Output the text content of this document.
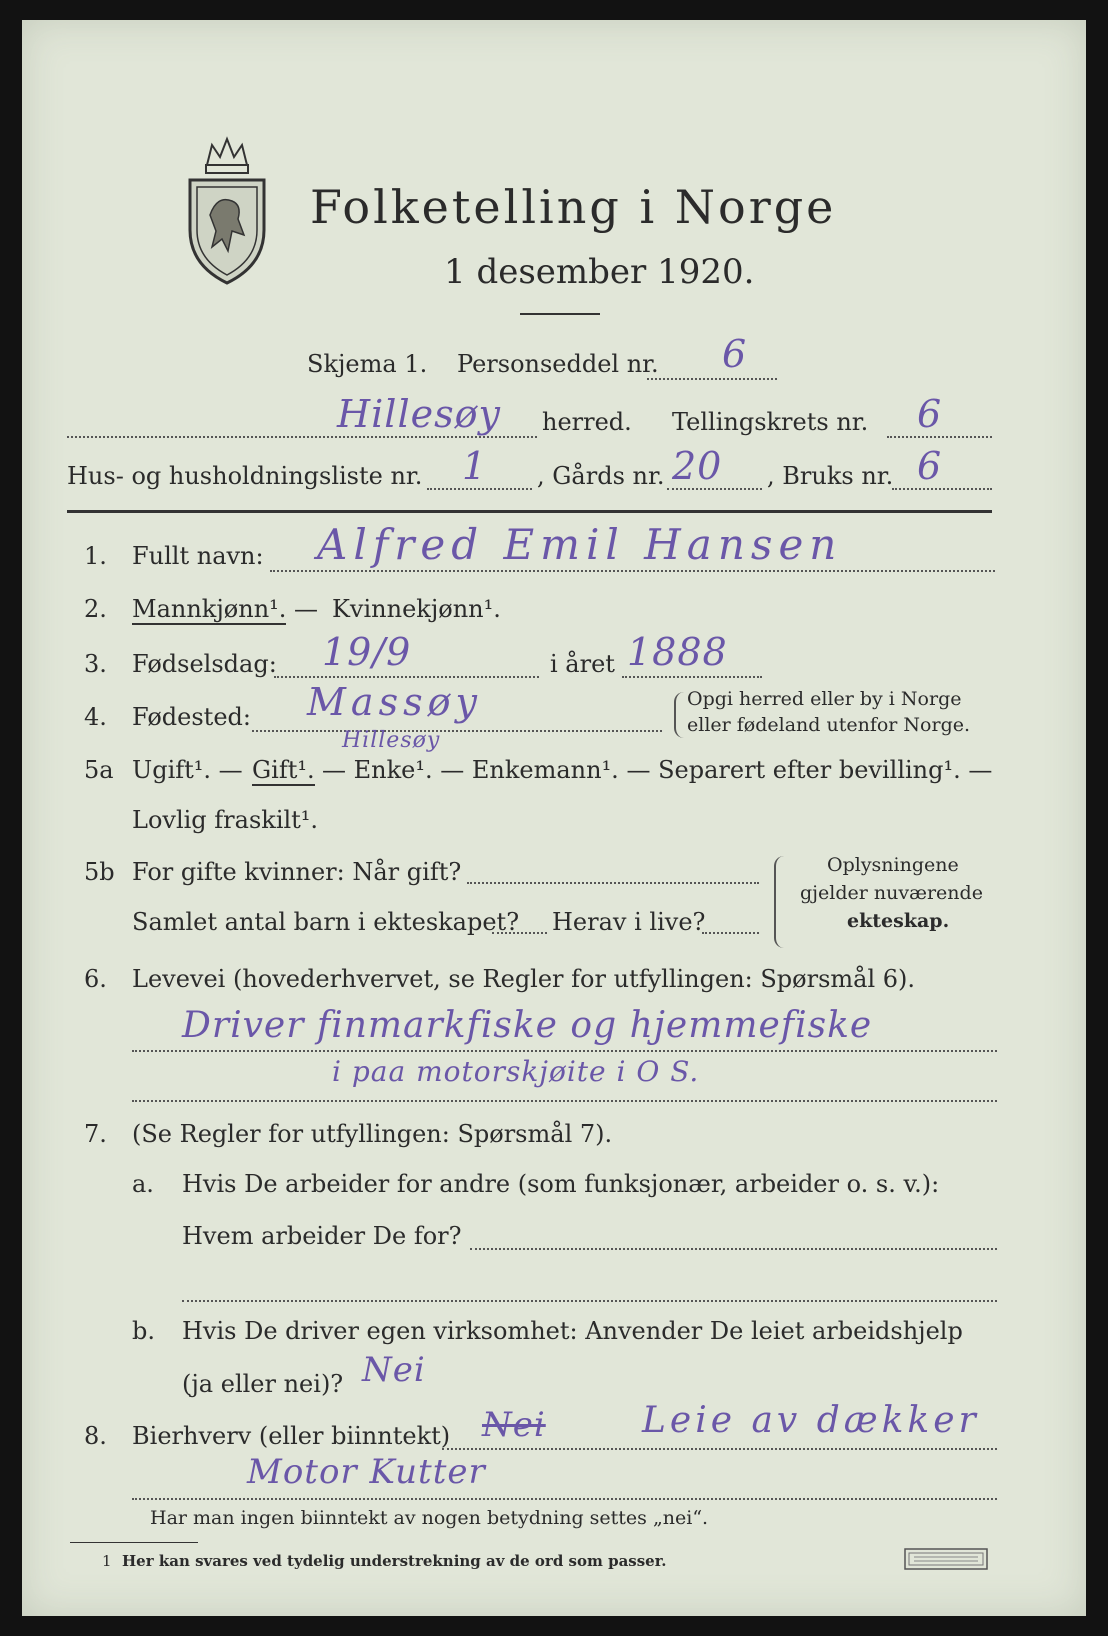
Folketelling i Norge
1 desember 1920.
Skjema 1. Personseddel nr. 6
Hillesøy herred. Tellingskrets nr. 6
Hus- og husholdningsliste nr. 1 , Gårds nr. 20 , Bruks nr. 6
1. Fullt navn: Alfred Emil Hansen
2. Mannkjønn¹. — Kvinnekjønn¹.
3. Fødselsdag: 19/9	i året 1888
4. Fødested: Massøy
Hillesøy
Opgi herred eller by i Norge
eller fødeland utenfor Norge.
5a Ugift¹. — Gift¹. — Enke¹. — Enkemann¹. — Separert efter bevilling¹. —
Lovlig fraskilt¹.
5b For gifte kvinner: Når gift?
Samlet antal barn i ekteskapet? Herav i live?
Oplysningene
gjelder nuværende
ekteskap.
6. Levevei (hovederhvervet, se Regler for utfyllingen: Spørsmål 6).
Driver finmarkfiske og hjemmefiske
i paa motorskjøite i O S.
7. (Se Regler for utfyllingen: Spørsmål 7).
a. Hvis De arbeider for andre (som funksjonær, arbeider o. s. v.):
Hvem arbeider De for?
b. Hvis De driver egen virksomhet: Anvender De leiet arbeidshjelp
(ja eller nei)? Nei
8. Bierhverv (eller biinntekt) Nei	Leie av dækker
Motor Kutter
Har man ingen biinntekt av nogen betydning settes „nei“.
1 Her kan svares ved tydelig understrekning av de ord som passer.
